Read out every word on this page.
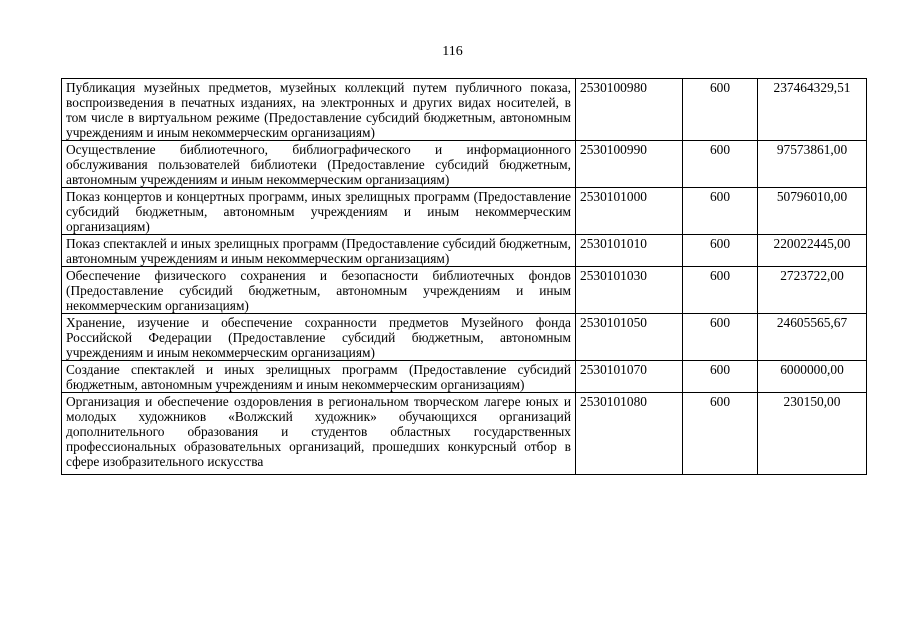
116
Публикация музейных предметов, музейных коллекций путем публичного показа, воспроизведения в печатных изданиях, на электронных и других видах носителей, в том числе в виртуальном режиме (Предоставление субсидий бюджетным, автономным учреждениям и иным некоммерческим организациям)	2530100980	600	237464329,51
Осуществление библиотечного, библиографического и информационного обслуживания пользователей библиотеки (Предоставление субсидий бюджетным, автономным учреждениям и иным некоммерческим организациям)	2530100990	600	97573861,00
Показ концертов и концертных программ, иных зрелищных программ (Предоставление субсидий бюджетным, автономным учреждениям и иным некоммерческим организациям)	2530101000	600	50796010,00
Показ спектаклей и иных зрелищных программ (Предоставление субсидий бюджетным, автономным учреждениям и иным некоммерческим организациям)	2530101010	600	220022445,00
Обеспечение физического сохранения и безопасности библиотечных фондов (Предоставление субсидий бюджетным, автономным учреждениям и иным некоммерческим организациям)	2530101030	600	2723722,00
Хранение, изучение и обеспечение сохранности предметов Музейного фонда Российской Федерации (Предоставление субсидий бюджетным, автономным учреждениям и иным некоммерческим организациям)	2530101050	600	24605565,67
Создание спектаклей и иных зрелищных программ (Предоставление субсидий бюджетным, автономным учреждениям и иным некоммерческим организациям)	2530101070	600	6000000,00
Организация и обеспечение оздоровления в региональном творческом лагере юных и молодых художников «Волжский художник» обучающихся организаций дополнительного образования и студентов областных государственных профессиональных образовательных организаций, прошедших конкурсный отбор в сфере изобразительного искусства	2530101080	600	230150,00
